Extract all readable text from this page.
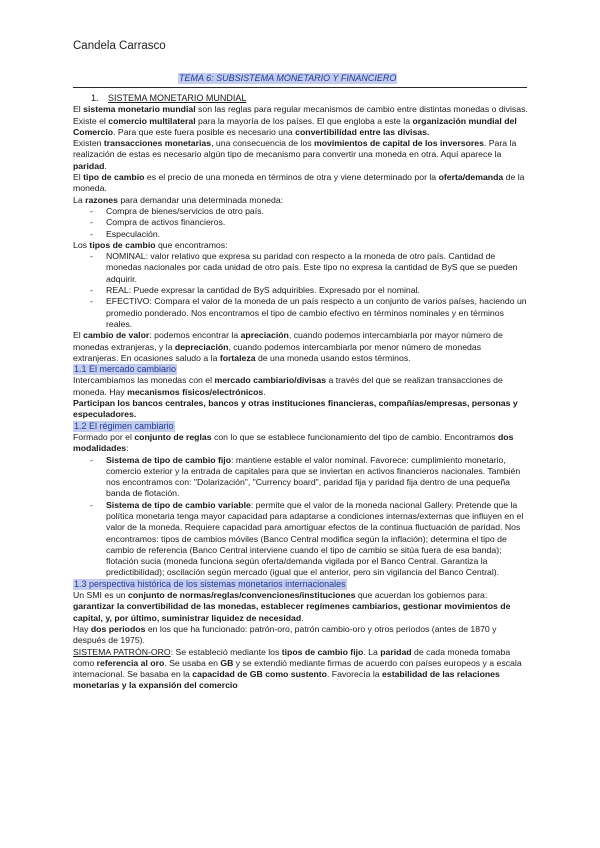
Candela Carrasco
TEMA 6: SUBSISTEMA MONETARIO Y FINANCIERO

1. SISTEMA MONETARIO MUNDIAL

El sistema monetario mundial son las reglas para regular mecanismos de cambio entre distintas monedas o divisas.

Existe el comercio multilateral para la mayoría de los países. El que engloba a este la organización mundial del Comercio. Para que este fuera posible es necesario una convertibilidad entre las divisas.

Existen transacciones monetarias, una consecuencia de los movimientos de capital de los inversores. Para la realización de estas es necesario algún tipo de mecanismo para convertir una moneda en otra. Aquí aparece la paridad.

El tipo de cambio es el precio de una moneda en términos de otra y viene determinado por la oferta/demanda de la moneda.

La razones para demandar una determinada moneda:

- Compra de bienes/servicios de otro país.
- Compra de activos financieros.
- Especulación.

Los tipos de cambio que encontramos:

- NOMINAL: valor relativo que expresa su paridad con respecto a la moneda de otro país. Cantidad de monedas nacionales por cada unidad de otro país. Este tipo no expresa la cantidad de ByS que se pueden adquirir.
- REAL: Puede expresar la cantidad de ByS adquiribles. Expresado por el nominal.
- EFECTIVO: Compara el valor de la moneda de un país respecto a un conjunto de varios países, haciendo un promedio ponderado. Nos encontramos el tipo de cambio efectivo en términos nominales y en términos reales.

El cambio de valor: podemos encontrar la apreciación, cuando podemos intercambiarla por mayor número de monedas extranjeras, y la depreciación, cuando podemos intercambiarla por menor número de monedas extranjeras. En ocasiones saludo a la fortaleza de una moneda usando estos términos.

1.1 El mercado cambiario

Intercambiamos las monedas con el mercado cambiario/divisas a través del que se realizan transacciones de moneda. Hay mecanismos físicos/electrónicos.

Participan los bancos centrales, bancos y otras instituciones financieras, compañías/empresas, personas y especuladores.

1.2 El régimen cambiario

Formado por el conjunto de reglas con lo que se establece funcionamiento del tipo de cambio. Encontramos dos modalidades:

- Sistema de tipo de cambio fijo: mantiene estable el valor nominal. Favorece: cumplimiento monetario, comercio exterior y la entrada de capitales para que se inviertan en activos financieros nacionales. También nos encontramos con: "Dolarización", "Currency board", paridad fija y paridad fija dentro de una pequeña banda de flotación.
- Sistema de tipo de cambio variable: permite que el valor de la moneda nacional Gallery. Pretende que la política monetaria tenga mayor capacidad para adaptarse a condiciones internas/externas que influyen en el valor de la moneda. Requiere capacidad para amortiguar efectos de la continua fluctuación de paridad. Nos encontramos: tipos de cambios móviles (Banco Central modifica según la inflación); determina el tipo de cambio de referencia (Banco Central interviene cuando el tipo de cambio se sitúa fuera de esa banda); flotación sucia (moneda funciona según oferta/demanda vigilada por el Banco Central. Garantiza la predictibilidad); oscilación según mercado (igual que el anterior, pero sin vigilancia del Banco Central).
1.3 perspectiva histórica de los sistemas monetarios internacionales

Un SMI es un conjunto de normas/reglas/convenciones/instituciones que acuerdan los gobiernos para: garantizar la convertibilidad de las monedas, establecer regímenes cambiarios, gestionar movimientos de capital, y, por último, suministrar liquidez de necesidad.

Hay dos periodos en los que ha funcionado: patrón-oro, patrón cambio-oro y otros periodos (antes de 1870 y después de 1975).

SISTEMA PATRÓN-ORO: Se estableció mediante los tipos de cambio fijo. La paridad de cada moneda tomaba como referencia al oro. Se usaba en GB y se extendió mediante firmas de acuerdo con países europeos y a escala internacional. Se basaba en la capacidad de GB como sustento. Favorecía la estabilidad de las relaciones monetarias y la expansión del comercio
